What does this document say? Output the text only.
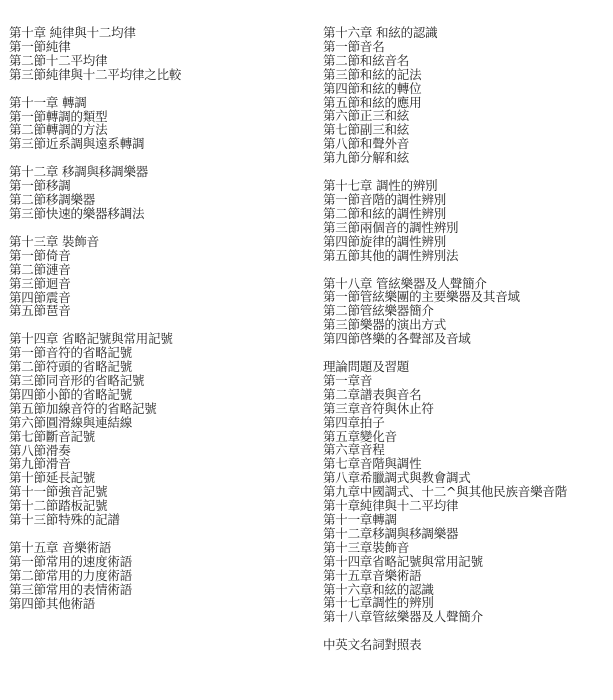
第十章 純律與十二均律
第一節純律
第二節十二平均律
第三節純律與十二平均律之比較
第十一章 轉調
第一節轉調的類型
第二節轉調的方法
第三節近系調與遠系轉調
第十二章 移調與移調樂器
第一節移調
第二節移調樂器
第三節快速的樂器移調法
第十三章 裝飾音
第一節倚音
第二節漣音
第三節迴音
第四節震音
第五節琶音
第十四章 省略記號與常用記號
第一節音符的省略記號
第二節符頭的省略記號
第三節同音形的省略記號
第四節小節的省略記號
第五節加線音符的省略記號
第六節圓滑線與連結線
第七節斷音記號
第八節滑奏
第九節滑音
第十節延長記號
第十一節強音記號
第十二節踏板記號
第十三節特殊的記譜
第十五章 音樂術語
第一節常用的速度術語
第二節常用的力度術語
第三節常用的表情術語
第四節其他術語
第十六章 和絃的認識
第一節音名
第二節和絃音名
第三節和絃的記法
第四節和絃的轉位
第五節和絃的應用
第六節正三和絃
第七節副三和絃
第八節和聲外音
第九節分解和絃
第十七章 調性的辨別
第一節音階的調性辨別
第二節和絃的調性辨別
第三節兩個音的調性辨別
第四節旋律的調性辨別
第五節其他的調性辨別法
第十八章 管絃樂器及人聲簡介
第一節管絃樂團的主要樂器及其音域
第二節管絃樂器簡介
第三節樂器的演出方式
第四節啓樂的各聲部及音域
理論問題及習題
第一章音
第二章譜表與音名
第三章音符與休止符
第四章拍子
第五章變化音
第六章音程
第七章音階與調性
第八章希臘調式與教會調式
第九章中國調式、十二^與其他民族音樂音階
第十章純律與十二平均律
第十一章轉調
第十二章移調與移調樂器
第十三章裝飾音
第十四章省略記號與常用記號
第十五章音樂術語
第十六章和絃的認識
第十七章調性的辨別
第十八章管絃樂器及人聲簡介
中英文名詞對照表
